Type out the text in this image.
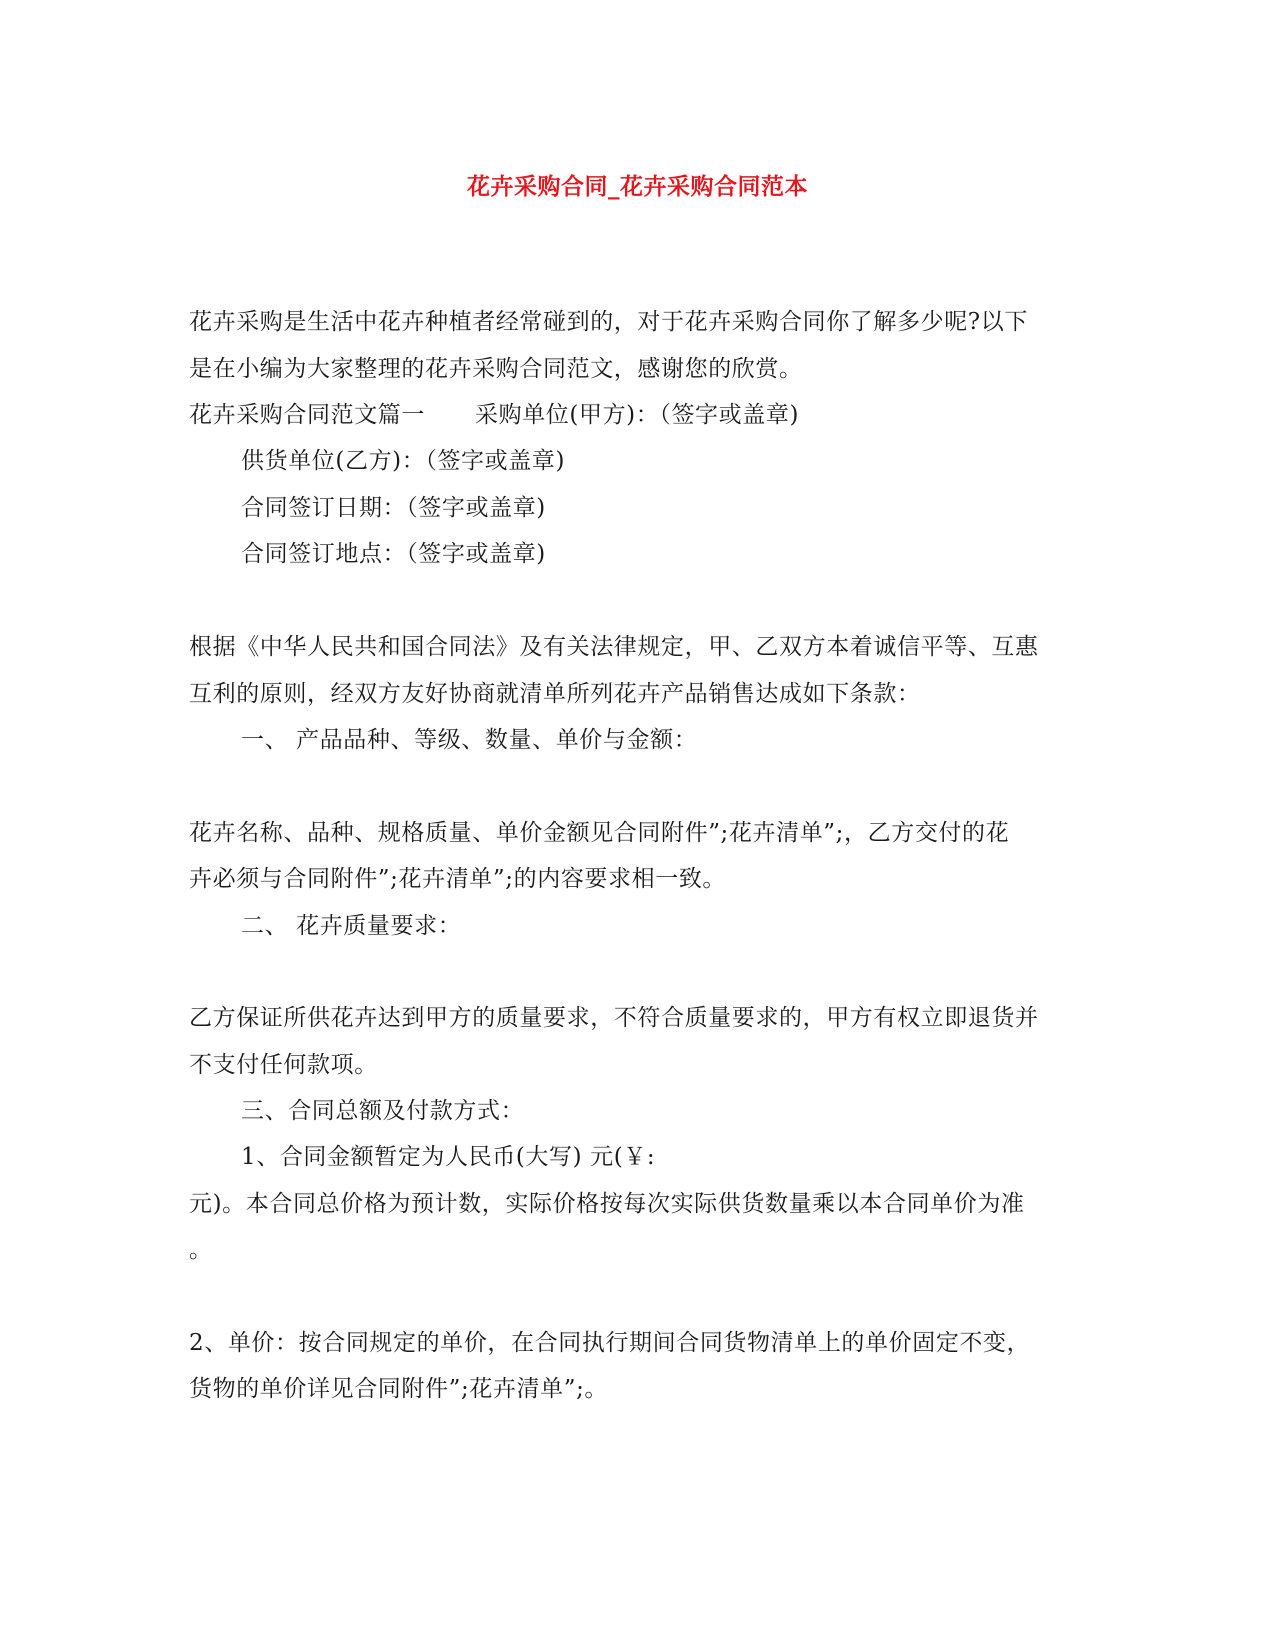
花卉采购合同_花卉采购合同范本
花卉采购是生活中花卉种植者经常碰到的，对于花卉采购合同你了解多少呢?以下
是在小编为大家整理的花卉采购合同范文，感谢您的欣赏。
花卉采购合同范文篇一 采购单位(甲方)：（签字或盖章)
供货单位(乙方)：（签字或盖章)
合同签订日期：（签字或盖章)
合同签订地点：（签字或盖章)
根据《中华人民共和国合同法》及有关法律规定，甲、乙双方本着诚信平等、互惠
互利的原则，经双方友好协商就清单所列花卉产品销售达成如下条款：
一、 产品品种、等级、数量、单价与金额：
花卉名称、品种、规格质量、单价金额见合同附件”;花卉清单”;，乙方交付的花
卉必须与合同附件”;花卉清单”;的内容要求相一致。
二、 花卉质量要求：
乙方保证所供花卉达到甲方的质量要求，不符合质量要求的，甲方有权立即退货并
不支付任何款项。
三、合同总额及付款方式：
1、合同金额暂定为人民币(大写) 元(￥:
元)。本合同总价格为预计数，实际价格按每次实际供货数量乘以本合同单价为准
。
2、单价：按合同规定的单价，在合同执行期间合同货物清单上的单价固定不变，
货物的单价详见合同附件”;花卉清单”;。
